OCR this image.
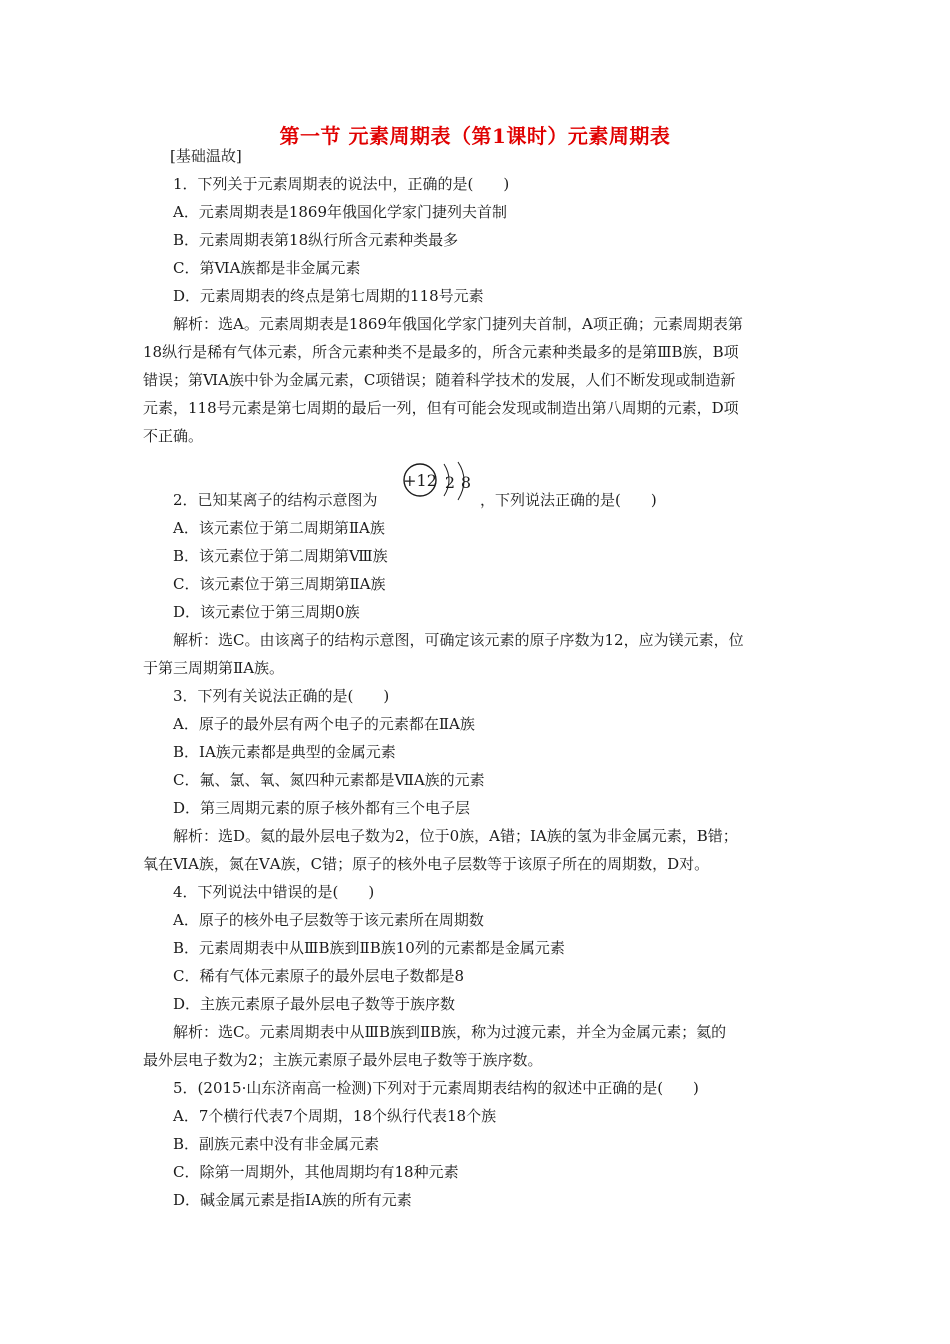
第一节 元素周期表（第1课时）元素周期表
[基础温故]
1．下列关于元素周期表的说法中，正确的是(　　)
A．元素周期表是1869年俄国化学家门捷列夫首制
B．元素周期表第18纵行所含元素种类最多
C．第ⅥA族都是非金属元素
D．元素周期表的终点是第七周期的118号元素
解析：选A。元素周期表是1869年俄国化学家门捷列夫首制，A项正确；元素周期表第
18纵行是稀有气体元素，所含元素种类不是最多的，所含元素种类最多的是第ⅢB族，B项
错误；第ⅥA族中钋为金属元素，C项错误；随着科学技术的发展，人们不断发现或制造新
元素，118号元素是第七周期的最后一列，但有可能会发现或制造出第八周期的元素，D项
不正确。
2．已知某离子的结构示意图为
+12 2 8
，下列说法正确的是(　　)
A．该元素位于第二周期第ⅡA族
B．该元素位于第二周期第Ⅷ族
C．该元素位于第三周期第ⅡA族
D．该元素位于第三周期0族
解析：选C。由该离子的结构示意图，可确定该元素的原子序数为12，应为镁元素，位
于第三周期第ⅡA族。
3．下列有关说法正确的是(　　)
A．原子的最外层有两个电子的元素都在ⅡA族
B．ⅠA族元素都是典型的金属元素
C．氟、氯、氧、氮四种元素都是ⅦA族的元素
D．第三周期元素的原子核外都有三个电子层
解析：选D。氦的最外层电子数为2，位于0族，A错；ⅠA族的氢为非金属元素，B错；
氧在ⅥA族，氮在ⅤA族，C错；原子的核外电子层数等于该原子所在的周期数，D对。
4．下列说法中错误的是(　　)
A．原子的核外电子层数等于该元素所在周期数
B．元素周期表中从ⅢB族到ⅡB族10列的元素都是金属元素
C．稀有气体元素原子的最外层电子数都是8
D．主族元素原子最外层电子数等于族序数
解析：选C。元素周期表中从ⅢB族到ⅡB族，称为过渡元素，并全为金属元素；氦的
最外层电子数为2；主族元素原子最外层电子数等于族序数。
5．(2015·山东济南高一检测)下列对于元素周期表结构的叙述中正确的是(　　)
A．7个横行代表7个周期，18个纵行代表18个族
B．副族元素中没有非金属元素
C．除第一周期外，其他周期均有18种元素
D．碱金属元素是指ⅠA族的所有元素
